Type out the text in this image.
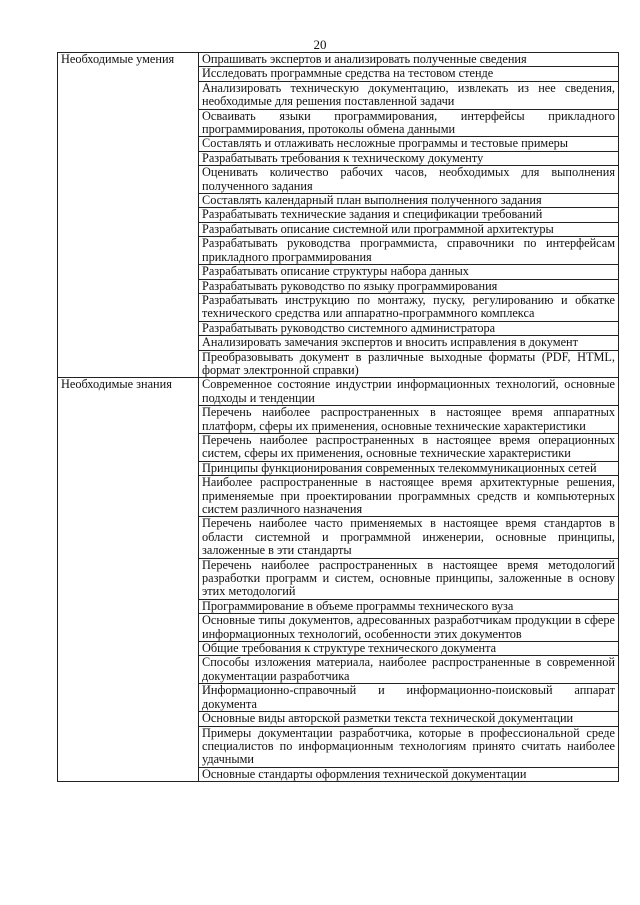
20
Необходимые умения	Опрашивать экспертов и анализировать полученные сведения

	Исследовать программные средства на тестовом стенде

	Анализировать техническую документацию, извлекать из нее сведения, необходимые для решения поставленной задачи

	Осваивать языки программирования, интерфейсы прикладного программирования, протоколы обмена данными

	Составлять и отлаживать несложные программы и тестовые примеры

	Разрабатывать требования к техническому документу

	Оценивать количество рабочих часов, необходимых для выполнения полученного задания

	Составлять календарный план выполнения полученного задания

	Разрабатывать технические задания и спецификации требований

	Разрабатывать описание системной или программной архитектуры

	Разрабатывать руководства программиста, справочники по интерфейсам прикладного программирования

	Разрабатывать описание структуры набора данных

	Разрабатывать руководство по языку программирования

	Разрабатывать инструкцию по монтажу, пуску, регулированию и обкатке технического средства или аппаратно-программного комплекса

	Разрабатывать руководство системного администратора

	Анализировать замечания экспертов и вносить исправления в документ

	Преобразовывать документ в различные выходные форматы (PDF, HTML, формат электронной справки)

Необходимые знания	Современное состояние индустрии информационных технологий, основные подходы и тенденции

	Перечень наиболее распространенных в настоящее время аппаратных платформ, сферы их применения, основные технические характеристики

	Перечень наиболее распространенных в настоящее время операционных систем, сферы их применения, основные технические характеристики

	Принципы функционирования современных телекоммуникационных сетей

	Наиболее распространенные в настоящее время архитектурные решения, применяемые при проектировании программных средств и компьютерных систем различного назначения

	Перечень наиболее часто применяемых в настоящее время стандартов в области системной и программной инженерии, основные принципы, заложенные в эти стандарты

	Перечень наиболее распространенных в настоящее время методологий разработки программ и систем, основные принципы, заложенные в основу этих методологий

	Программирование в объеме программы технического вуза

	Основные типы документов, адресованных разработчикам продукции в сфере информационных технологий, особенности этих документов

	Общие требования к структуре технического документа

	Способы изложения материала, наиболее распространенные в современной документации разработчика

	Информационно-справочный и информационно-поисковый аппарат документа

	Основные виды авторской разметки текста технической документации

	Примеры документации разработчика, которые в профессиональной среде специалистов по информационным технологиям принято считать наиболее удачными

	Основные стандарты оформления технической документации
